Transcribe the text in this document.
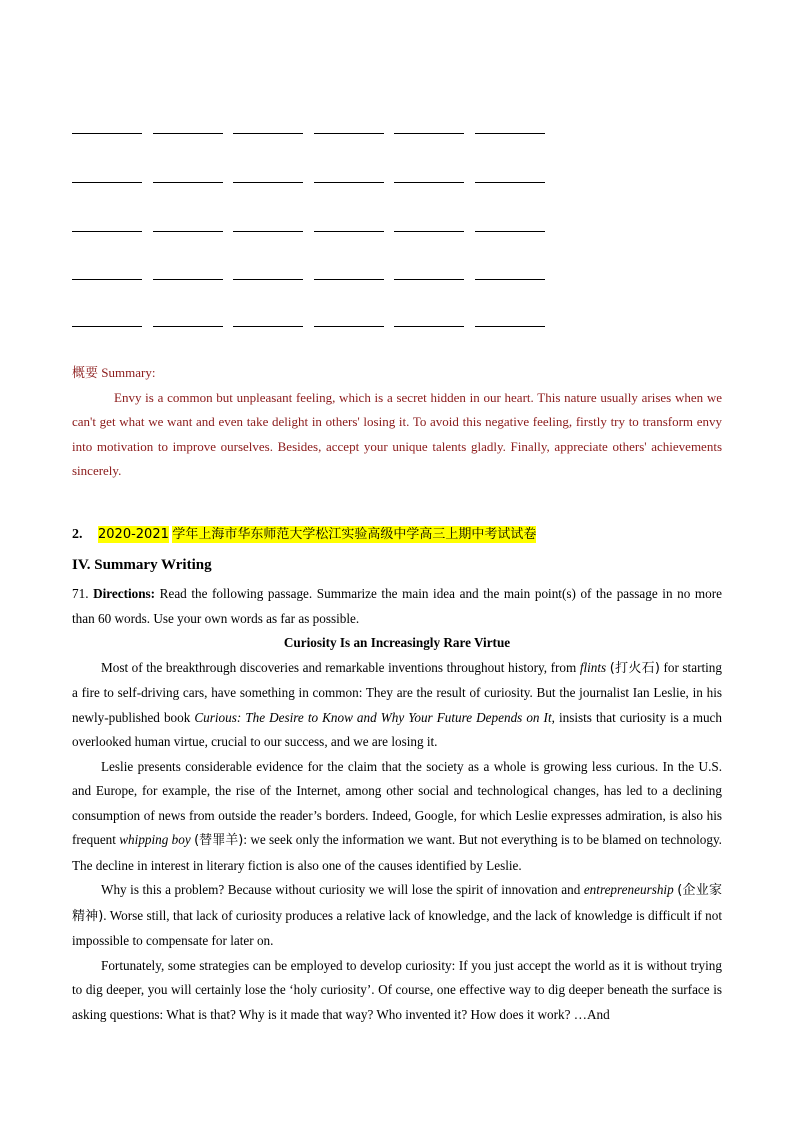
概要 Summary:

Envy is a common but unpleasant feeling, which is a secret hidden in our heart. This nature usually arises when we can't get what we want and even take delight in others' losing it. To avoid this negative feeling, firstly try to transform envy into motivation to improve ourselves. Besides, accept your unique talents gladly. Finally, appreciate others' achievements sincerely.

2. 2020-2021 学年上海市华东师范大学松江实验高级中学高三上期中考试试卷
IV. Summary Writing

71. Directions: Read the following passage. Summarize the main idea and the main point(s) of the passage in no more than 60 words. Use your own words as far as possible.

Curiosity Is an Increasingly Rare Virtue

Most of the breakthrough discoveries and remarkable inventions throughout history, from flints (打火石) for starting a fire to self-driving cars, have something in common: They are the result of curiosity. But the journalist Ian Leslie, in his newly-published book Curious: The Desire to Know and Why Your Future Depends on It, insists that curiosity is a much overlooked human virtue, crucial to our success, and we are losing it.

Leslie presents considerable evidence for the claim that the society as a whole is growing less curious. In the U.S. and Europe, for example, the rise of the Internet, among other social and technological changes, has led to a declining consumption of news from outside the reader’s borders. Indeed, Google, for which Leslie expresses admiration, is also his frequent whipping boy (替罪羊): we seek only the information we want. But not everything is to be blamed on technology. The decline in interest in literary fiction is also one of the causes identified by Leslie.

Why is this a problem? Because without curiosity we will lose the spirit of innovation and entrepreneurship (企业家精神). Worse still, that lack of curiosity produces a relative lack of knowledge, and the lack of knowledge is difficult if not impossible to compensate for later on.

Fortunately, some strategies can be employed to develop curiosity: If you just accept the world as it is without trying to dig deeper, you will certainly lose the ‘holy curiosity’. Of course, one effective way to dig deeper beneath the surface is asking questions: What is that? Why is it made that way? Who invented it? How does it work? …And
